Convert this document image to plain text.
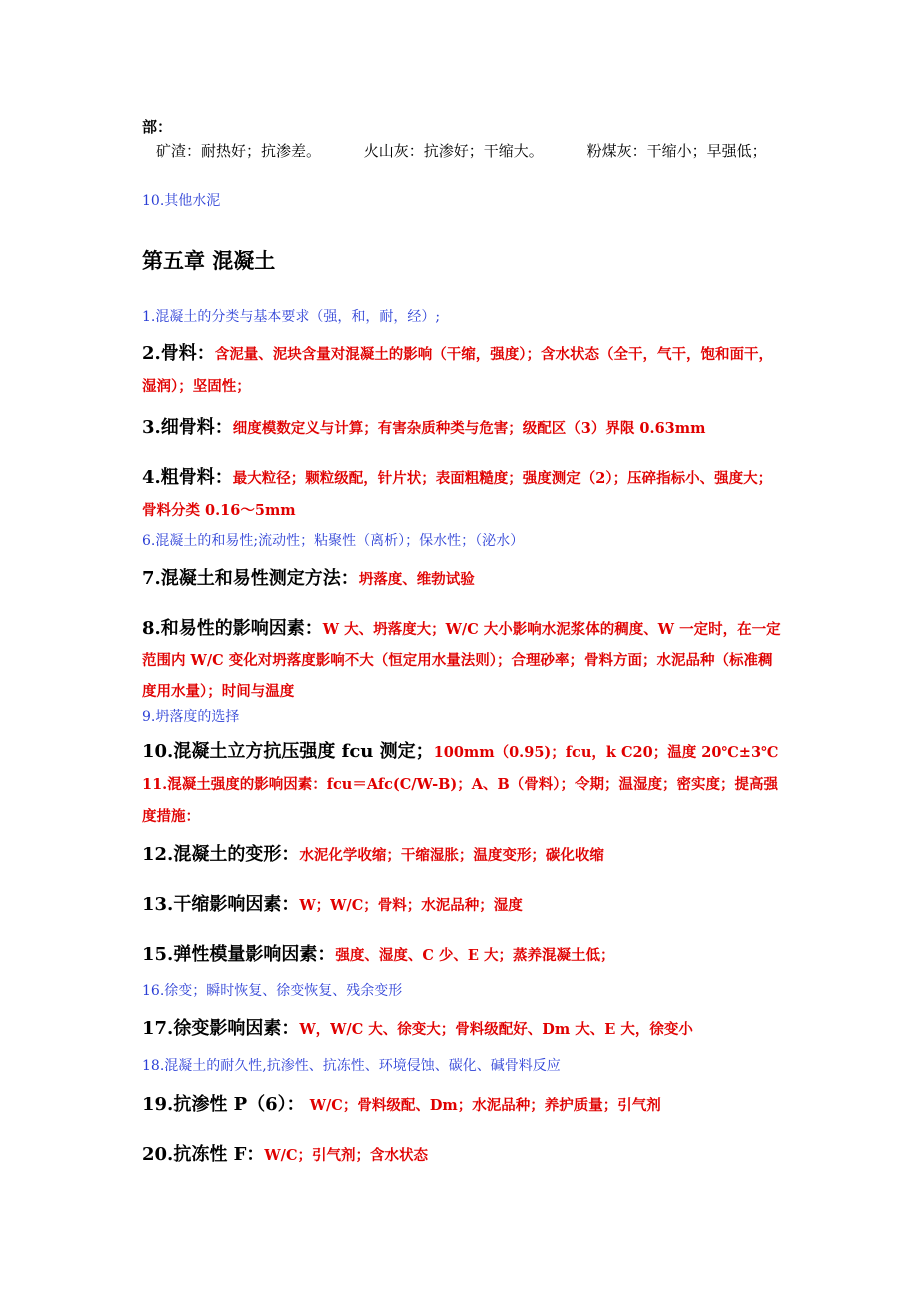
部：
矿渣：耐热好；抗渗差。	火山灰：抗渗好；干缩大。	粉煤灰：干缩小；早强低；
10.其他水泥
第五章 混凝土
1.混凝土的分类与基本要求（强，和，耐，经）;
2.骨料：含泥量、泥块含量对混凝土的影响（干缩，强度）；含水状态（全干，气干，饱和面干，湿润）；坚固性；
3.细骨料：细度模数定义与计算；有害杂质种类与危害；级配区（3）界限 0.63mm
4.粗骨料：最大粒径；颗粒级配，针片状；表面粗糙度；强度测定（2）；压碎指标小、强度大；骨料分类 0.16～5mm
6.混凝土的和易性;流动性；粘聚性（离析）；保水性；（泌水）
7.混凝土和易性测定方法：坍落度、维勃试验
8.和易性的影响因素：W 大、坍落度大；W/C 大小影响水泥浆体的稠度、W 一定时，在一定范围内 W/C 变化对坍落度影响不大（恒定用水量法则）；合理砂率；骨料方面；水泥品种（标准稠度用水量）；时间与温度
9.坍落度的选择
10.混凝土立方抗压强度 fcu 测定；100mm（0.95)；fcu，k C20；温度 20℃±3℃ 11.混凝土强度的影响因素：fcu＝Afc(C/W-B)；A、B（骨料）；令期；温湿度；密实度；提高强度措施：
12.混凝土的变形：水泥化学收缩；干缩湿胀；温度变形；碳化收缩
13.干缩影响因素：W；W/C；骨料；水泥品种；湿度
15.弹性模量影响因素：强度、湿度、C 少、E 大；蒸养混凝土低；
16.徐变；瞬时恢复、徐变恢复、残余变形
17.徐变影响因素：W，W/C 大、徐变大；骨料级配好、Dm 大、E 大，徐变小
18.混凝土的耐久性,抗渗性、抗冻性、环境侵蚀、碳化、碱骨料反应
19.抗渗性 P（6）： W/C；骨料级配、Dm；水泥品种；养护质量；引气剂
20.抗冻性 F：W/C；引气剂；含水状态
